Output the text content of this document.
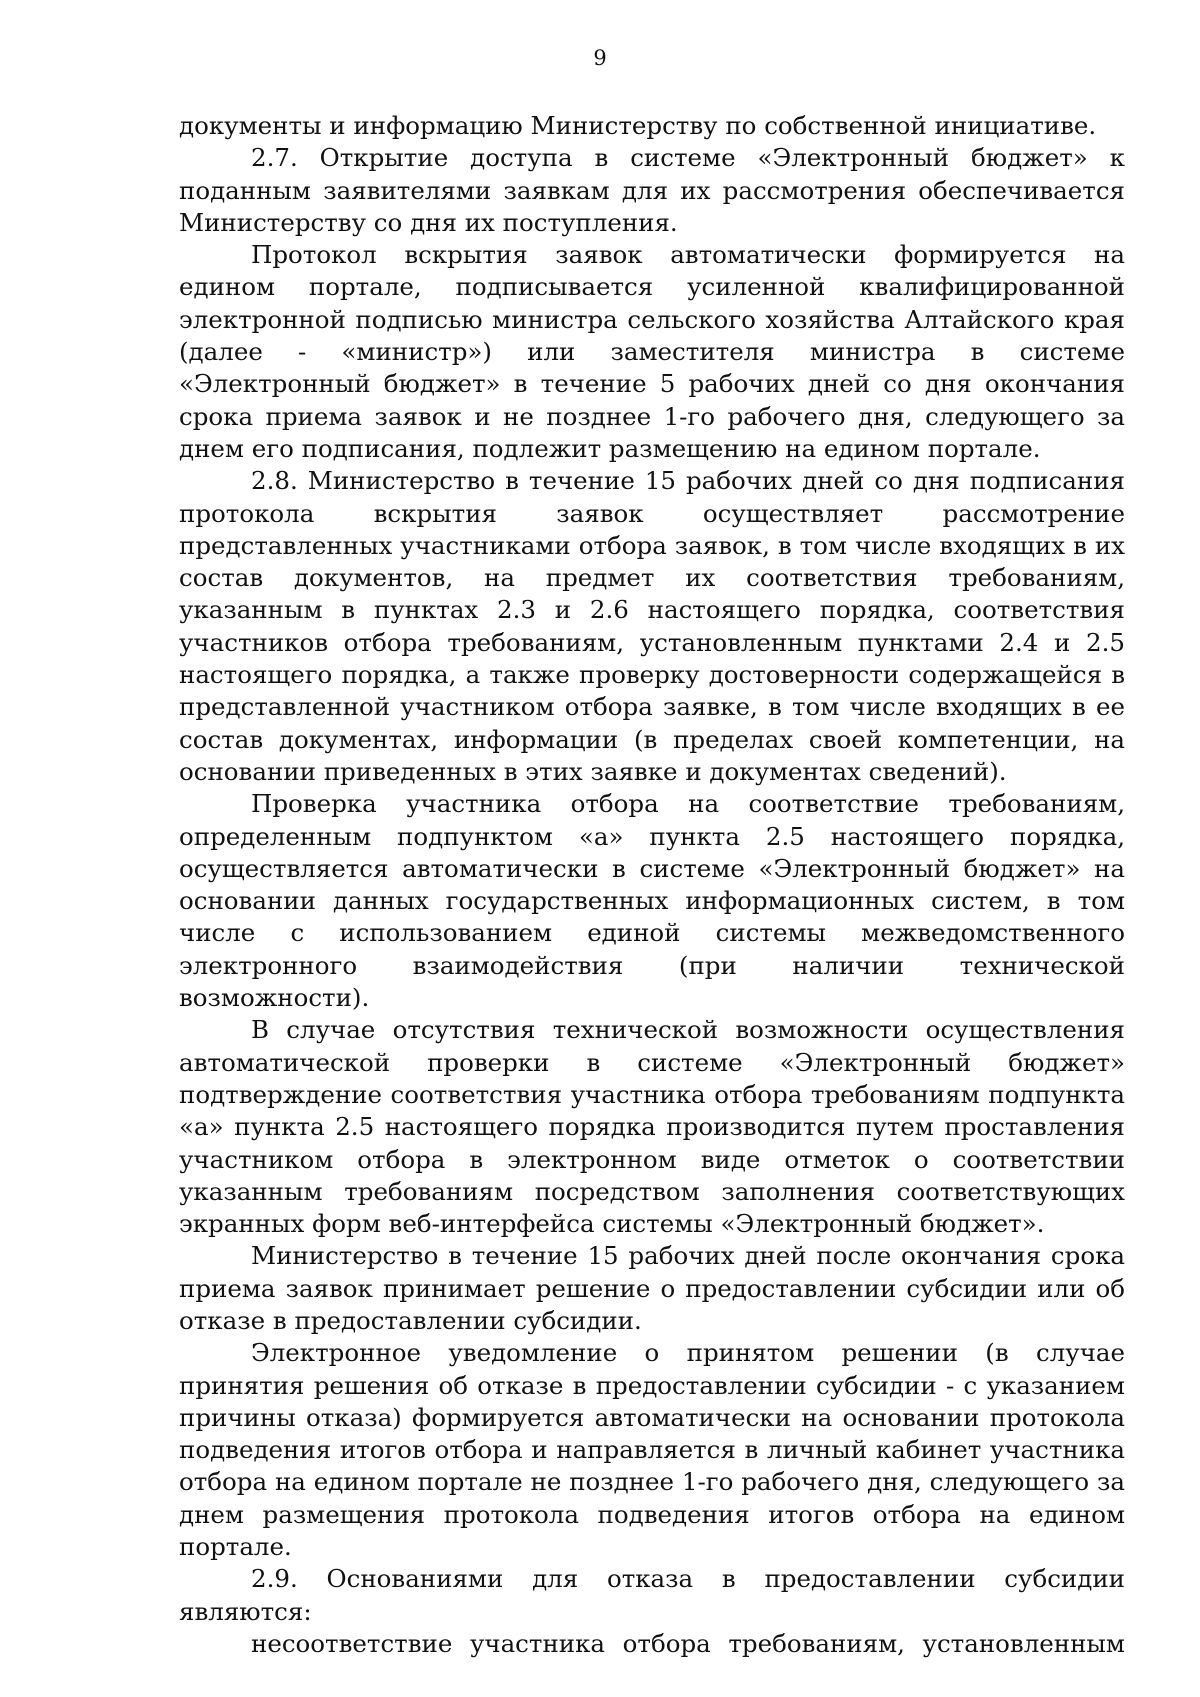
9

документы и информацию Министерству по собственной инициативе.

2.7. Открытие доступа в системе «Электронный бюджет» к поданным заявителями заявкам для их рассмотрения обеспечивается Министерству со дня их поступления.

Протокол вскрытия заявок автоматически формируется на едином портале, подписывается усиленной квалифицированной электронной подписью министра сельского хозяйства Алтайского края (далее - «министр») или заместителя министра в системе «Электронный бюджет» в течение 5 рабочих дней со дня окончания срока приема заявок и не позднее 1-го рабочего дня, следующего за днем его подписания, подлежит размещению на едином портале.

2.8. Министерство в течение 15 рабочих дней со дня подписания протокола вскрытия заявок осуществляет рассмотрение представленных участниками отбора заявок, в том числе входящих в их состав документов, на предмет их соответствия требованиям, указанным в пунктах 2.3 и 2.6 настоящего порядка, соответствия участников отбора требованиям, установленным пунктами 2.4 и 2.5 настоящего порядка, а также проверку достоверности содержащейся в представленной участником отбора заявке, в том числе входящих в ее состав документах, информации (в пределах своей компетенции, на основании приведенных в этих заявке и документах сведений).

Проверка участника отбора на соответствие требованиям, определенным подпунктом «а» пункта 2.5 настоящего порядка, осуществляется автоматически в системе «Электронный бюджет» на основании данных государственных информационных систем, в том числе с использованием единой системы межведомственного электронного взаимодействия (при наличии технической возможности).

В случае отсутствия технической возможности осуществления автоматической проверки в системе «Электронный бюджет» подтверждение соответствия участника отбора требованиям подпункта «а» пункта 2.5 настоящего порядка производится путем проставления участником отбора в электронном виде отметок о соответствии указанным требованиям посредством заполнения соответствующих экранных форм веб-интерфейса системы «Электронный бюджет».

Министерство в течение 15 рабочих дней после окончания срока приема заявок принимает решение о предоставлении субсидии или об отказе в предоставлении субсидии.

Электронное уведомление о принятом решении (в случае принятия решения об отказе в предоставлении субсидии - с указанием причины отказа) формируется автоматически на основании протокола подведения итогов отбора и направляется в личный кабинет участника отбора на едином портале не позднее 1-го рабочего дня, следующего за днем размещения протокола подведения итогов отбора на едином портале.

2.9. Основаниями для отказа в предоставлении субсидии являются:

несоответствие участника отбора требованиям, установленным
